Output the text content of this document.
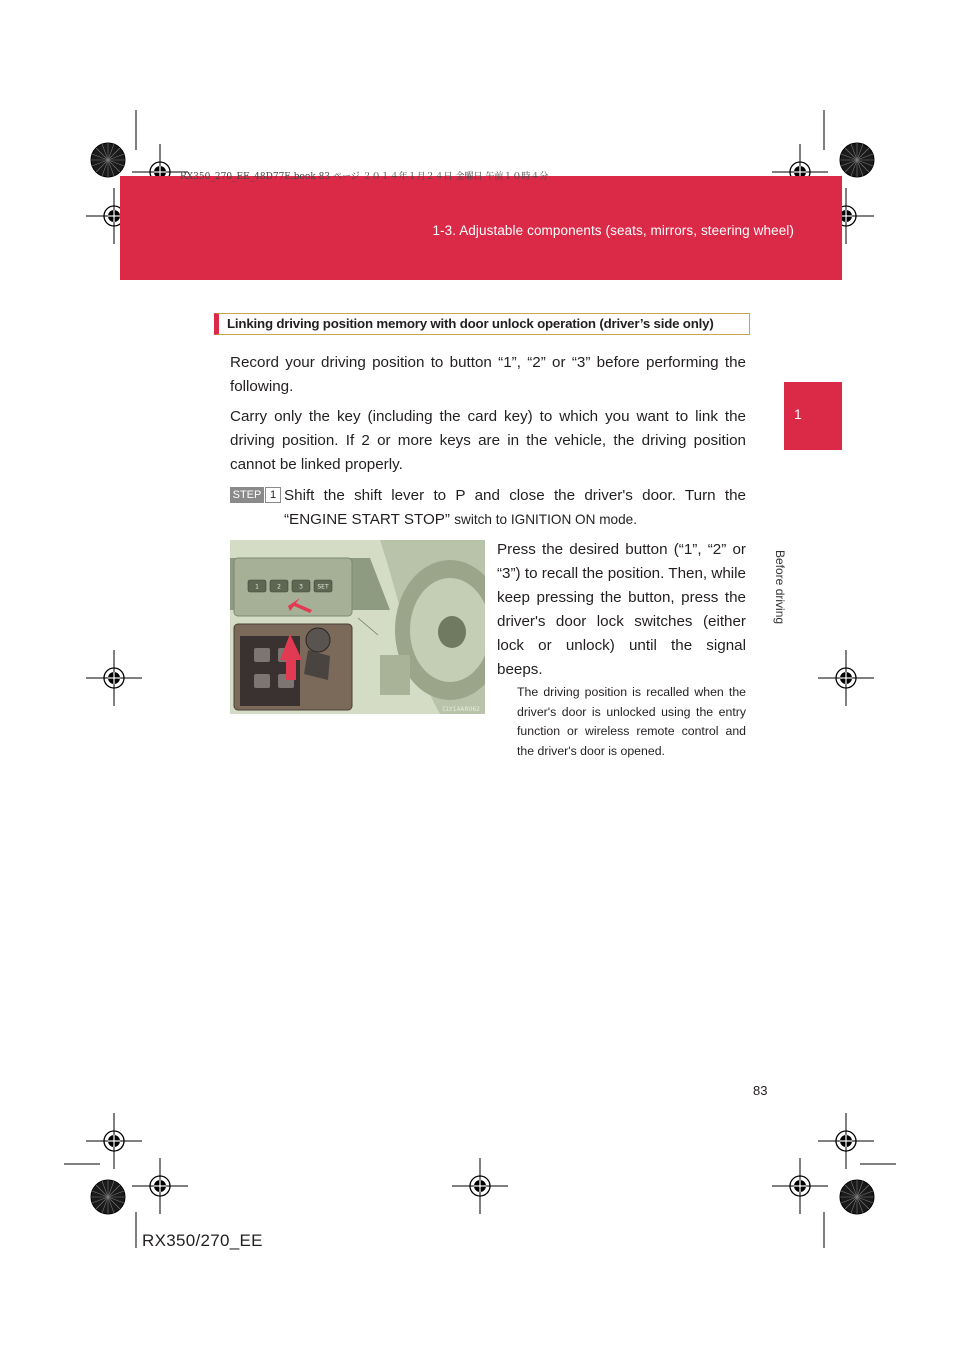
1-3. Adjustable components (seats, mirrors, steering wheel)
RX350_270_EE_48D77E.book 83 ページ ２０１４年１月２４日 金曜日 午前１０時４分
1
Before driving
Linking driving position memory with door unlock operation (driver’s side only)

Record your driving position to button “1”, “2” or “3” before performing the following.

Carry only the key (including the card key) to which you want to link the driving position. If 2 or more keys are in the vehicle, the driving position cannot be linked properly.

STEP 1 Shift the shift lever to P and close the driver's door. Turn the “ENGINE START STOP” switch to IGNITION ON mode.
Press the desired button (“1”, “2” or “3”) to recall the position. Then, while keep pressing the button, press the driver's door lock switches (either lock or unlock) until the signal beeps.
The driving position is recalled when the driver's door is unlocked using the entry function or wireless remote control and the driver's door is opened.
1	2	3 SET
CLY14AR062
83
RX350/270_EE
